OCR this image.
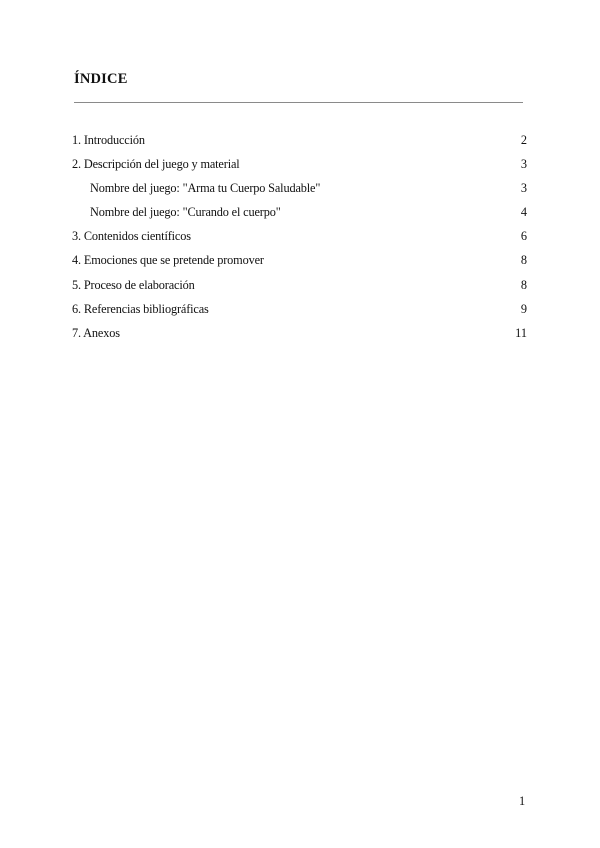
ÍNDICE
1. Introducción	2
2. Descripción del juego y material	3
Nombre del juego: "Arma tu Cuerpo Saludable"	3
Nombre del juego: "Curando el cuerpo"	4
3. Contenidos científicos	6
4. Emociones que se pretende promover	8
5. Proceso de elaboración	8
6. Referencias bibliográficas	9
7. Anexos	11
1
